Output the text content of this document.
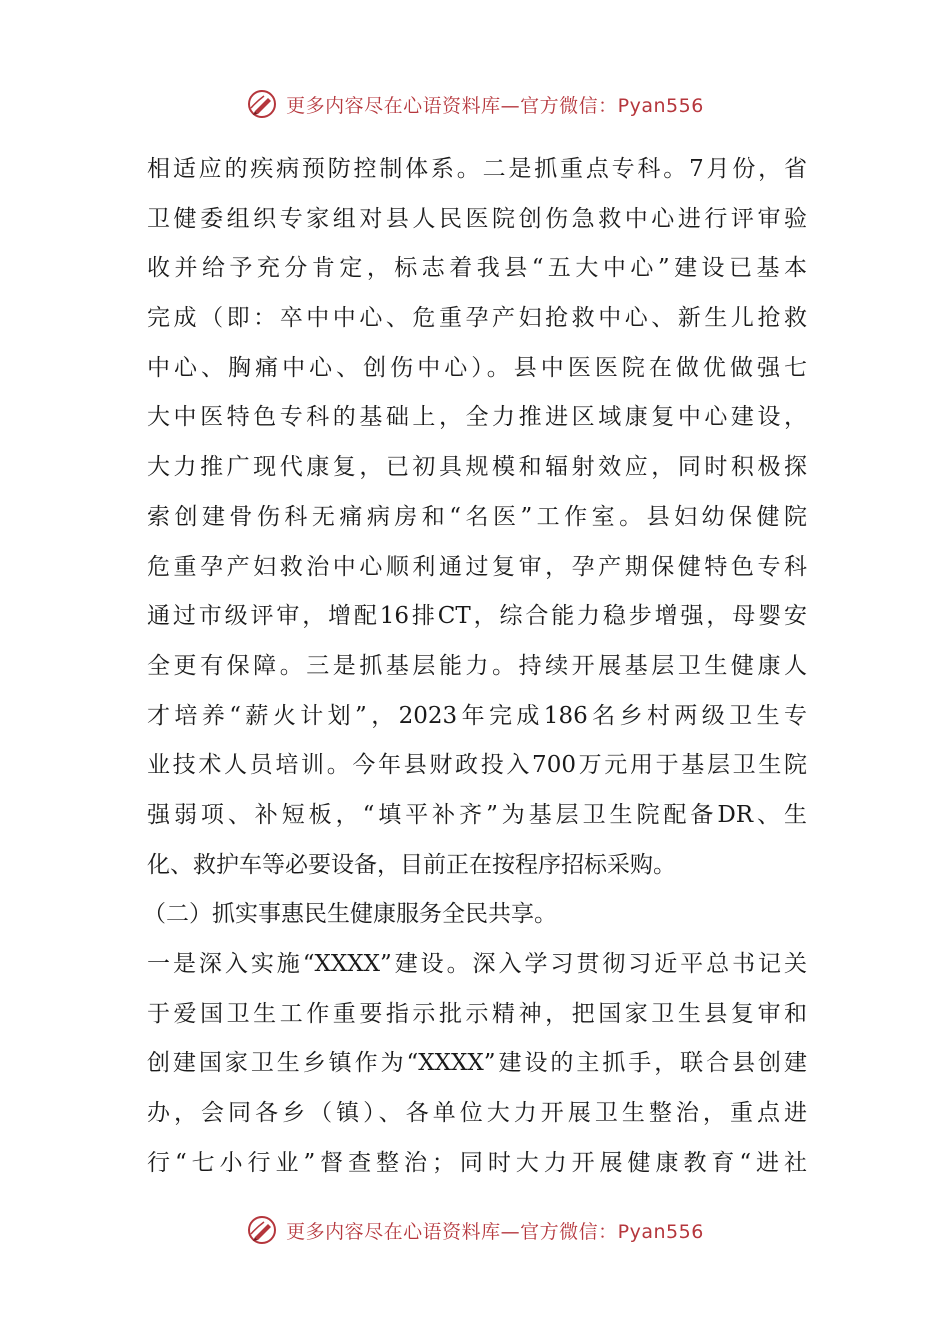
更多内容尽在心语资料库—官方微信：Pyan556
相适应的疾病预防控制体系。二是抓重点专科。7月份，省
卫健委组织专家组对县人民医院创伤急救中心进行评审验
收并给予充分肯定，标志着我县“五大中心”建设已基本
完成（即：卒中中心、危重孕产妇抢救中心、新生儿抢救
中心、胸痛中心、创伤中心）。县中医医院在做优做强七
大中医特色专科的基础上，全力推进区域康复中心建设，
大力推广现代康复，已初具规模和辐射效应，同时积极探
索创建骨伤科无痛病房和“名医”工作室。县妇幼保健院
危重孕产妇救治中心顺利通过复审，孕产期保健特色专科
通过市级评审，增配16排CT，综合能力稳步增强，母婴安
全更有保障。三是抓基层能力。持续开展基层卫生健康人
才培养“薪火计划”，2023年完成186名乡村两级卫生专
业技术人员培训。今年县财政投入700万元用于基层卫生院
强弱项、补短板，“填平补齐”为基层卫生院配备DR、生
化、救护车等必要设备，目前正在按程序招标采购。
（二）抓实事惠民生健康服务全民共享。
一是深入实施“XXXX”建设。深入学习贯彻习近平总书记关
于爱国卫生工作重要指示批示精神，把国家卫生县复审和
创建国家卫生乡镇作为“XXXX”建设的主抓手，联合县创建
办，会同各乡（镇）、各单位大力开展卫生整治，重点进
行“七小行业”督查整治；同时大力开展健康教育“进社
更多内容尽在心语资料库—官方微信：Pyan556
